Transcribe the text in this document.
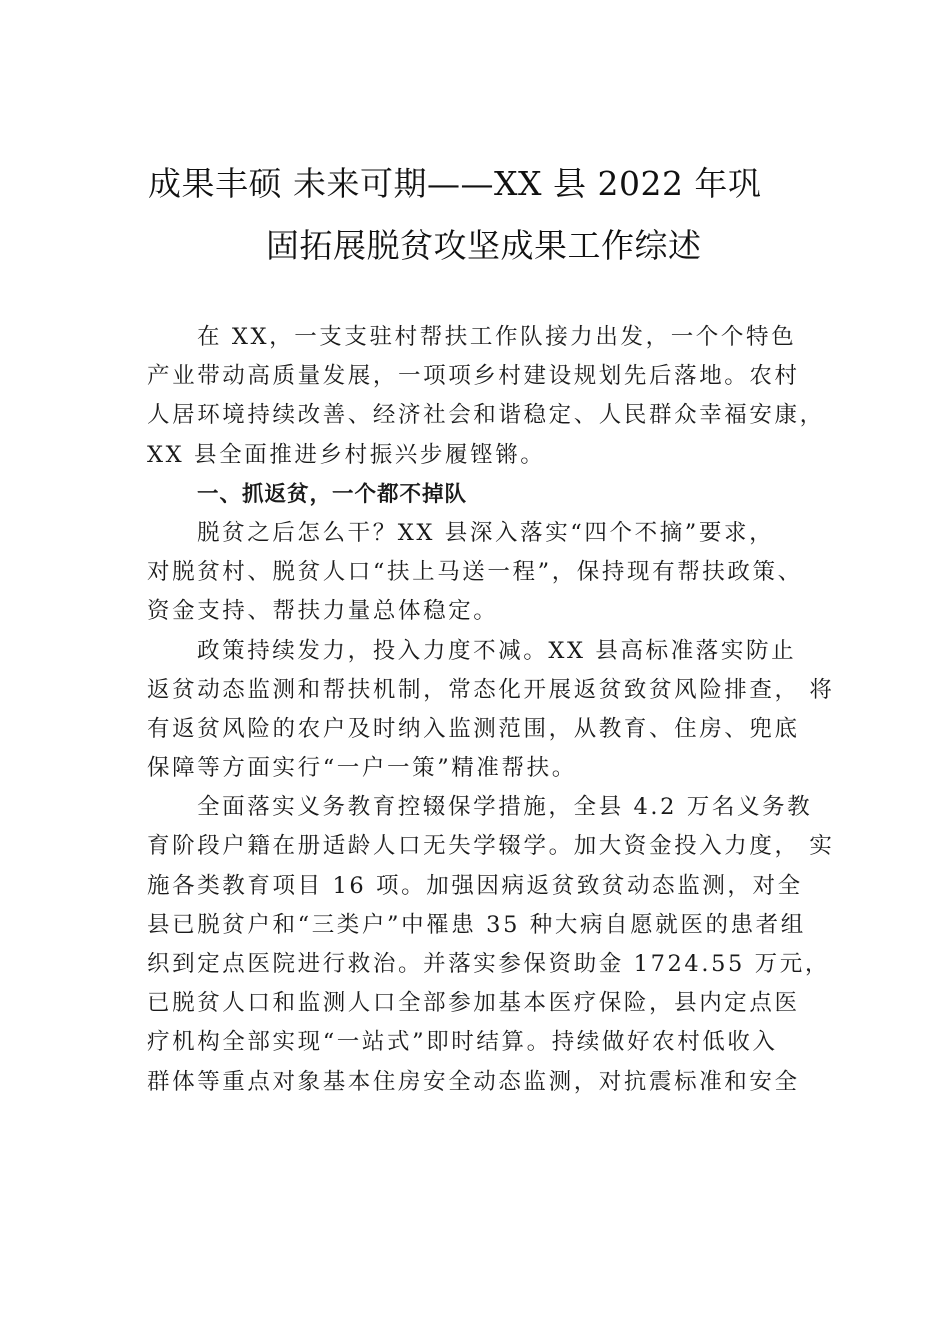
成果丰硕 未来可期——XX 县 2022 年巩
固拓展脱贫攻坚成果工作综述
在 XX，一支支驻村帮扶工作队接力出发，一个个特色
产业带动高质量发展，一项项乡村建设规划先后落地。农村
人居环境持续改善、经济社会和谐稳定、人民群众幸福安康，
XX 县全面推进乡村振兴步履铿锵。
一、抓返贫，一个都不掉队
脱贫之后怎么干？XX 县深入落实“四个不摘”要求，
对脱贫村、脱贫人口“扶上马送一程”，保持现有帮扶政策、
资金支持、帮扶力量总体稳定。
政策持续发力，投入力度不减。XX 县高标准落实防止
返贫动态监测和帮扶机制，常态化开展返贫致贫风险排查， 将
有返贫风险的农户及时纳入监测范围，从教育、住房、兜底
保障等方面实行“一户一策”精准帮扶。
全面落实义务教育控辍保学措施，全县 4.2 万名义务教
育阶段户籍在册适龄人口无失学辍学。加大资金投入力度， 实
施各类教育项目 16 项。加强因病返贫致贫动态监测，对全
县已脱贫户和“三类户”中罹患 35 种大病自愿就医的患者组
织到定点医院进行救治。并落实参保资助金 1724.55 万元，
已脱贫人口和监测人口全部参加基本医疗保险，县内定点医
疗机构全部实现“一站式”即时结算。持续做好农村低收入
群体等重点对象基本住房安全动态监测，对抗震标准和安全
